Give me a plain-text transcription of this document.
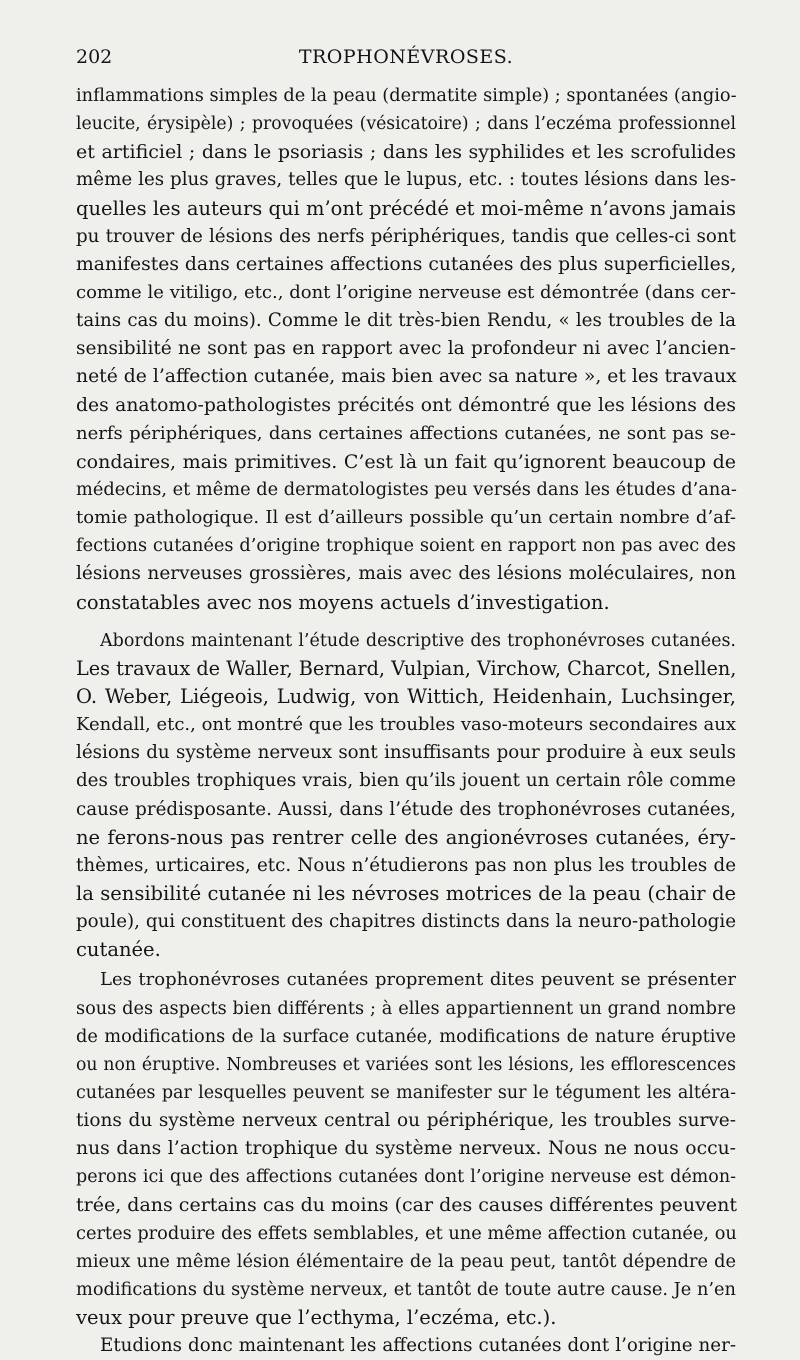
202	TROPHONÉVROSES.
inflammations simples de la peau (dermatite simple) ; spontanées (angio-
leucite, érysipèle) ; provoquées (vésicatoire) ; dans l’eczéma professionnel
et artificiel ; dans le psoriasis ; dans les syphilides et les scrofulides
même les plus graves, telles que le lupus, etc. : toutes lésions dans les-
quelles les auteurs qui m’ont précédé et moi-même n’avons jamais
pu trouver de lésions des nerfs périphériques, tandis que celles-ci sont
manifestes dans certaines affections cutanées des plus superficielles,
comme le vitiligo, etc., dont l’origine nerveuse est démontrée (dans cer-
tains cas du moins). Comme le dit très-bien Rendu, « les troubles de la
sensibilité ne sont pas en rapport avec la profondeur ni avec l’ancien-
neté de l’affection cutanée, mais bien avec sa nature », et les travaux
des anatomo-pathologistes précités ont démontré que les lésions des
nerfs périphériques, dans certaines affections cutanées, ne sont pas se-
condaires, mais primitives. C’est là un fait qu’ignorent beaucoup de
médecins, et même de dermatologistes peu versés dans les études d’ana-
tomie pathologique. Il est d’ailleurs possible qu’un certain nombre d’af-
fections cutanées d’origine trophique soient en rapport non pas avec des
lésions nerveuses grossières, mais avec des lésions moléculaires, non
constatables avec nos moyens actuels d’investigation.
Abordons maintenant l’étude descriptive des trophonévroses cutanées.
Les travaux de Waller, Bernard, Vulpian, Virchow, Charcot, Snellen,
O. Weber, Liégeois, Ludwig, von Wittich, Heidenhain, Luchsinger,
Kendall, etc., ont montré que les troubles vaso-moteurs secondaires aux
lésions du système nerveux sont insuffisants pour produire à eux seuls
des troubles trophiques vrais, bien qu’ils jouent un certain rôle comme
cause prédisposante. Aussi, dans l’étude des trophonévroses cutanées,
ne ferons-nous pas rentrer celle des angionévroses cutanées, éry-
thèmes, urticaires, etc. Nous n’étudierons pas non plus les troubles de
la sensibilité cutanée ni les névroses motrices de la peau (chair de
poule), qui constituent des chapitres distincts dans la neuro-pathologie
cutanée.
Les trophonévroses cutanées proprement dites peuvent se présenter
sous des aspects bien différents ; à elles appartiennent un grand nombre
de modifications de la surface cutanée, modifications de nature éruptive
ou non éruptive. Nombreuses et variées sont les lésions, les efflorescences
cutanées par lesquelles peuvent se manifester sur le tégument les altéra-
tions du système nerveux central ou périphérique, les troubles surve-
nus dans l’action trophique du système nerveux. Nous ne nous occu-
perons ici que des affections cutanées dont l’origine nerveuse est démon-
trée, dans certains cas du moins (car des causes différentes peuvent
certes produire des effets semblables, et une même affection cutanée, ou
mieux une même lésion élémentaire de la peau peut, tantôt dépendre de
modifications du système nerveux, et tantôt de toute autre cause. Je n’en
veux pour preuve que l’ecthyma, l’eczéma, etc.).
Etudions donc maintenant les affections cutanées dont l’origine ner-
